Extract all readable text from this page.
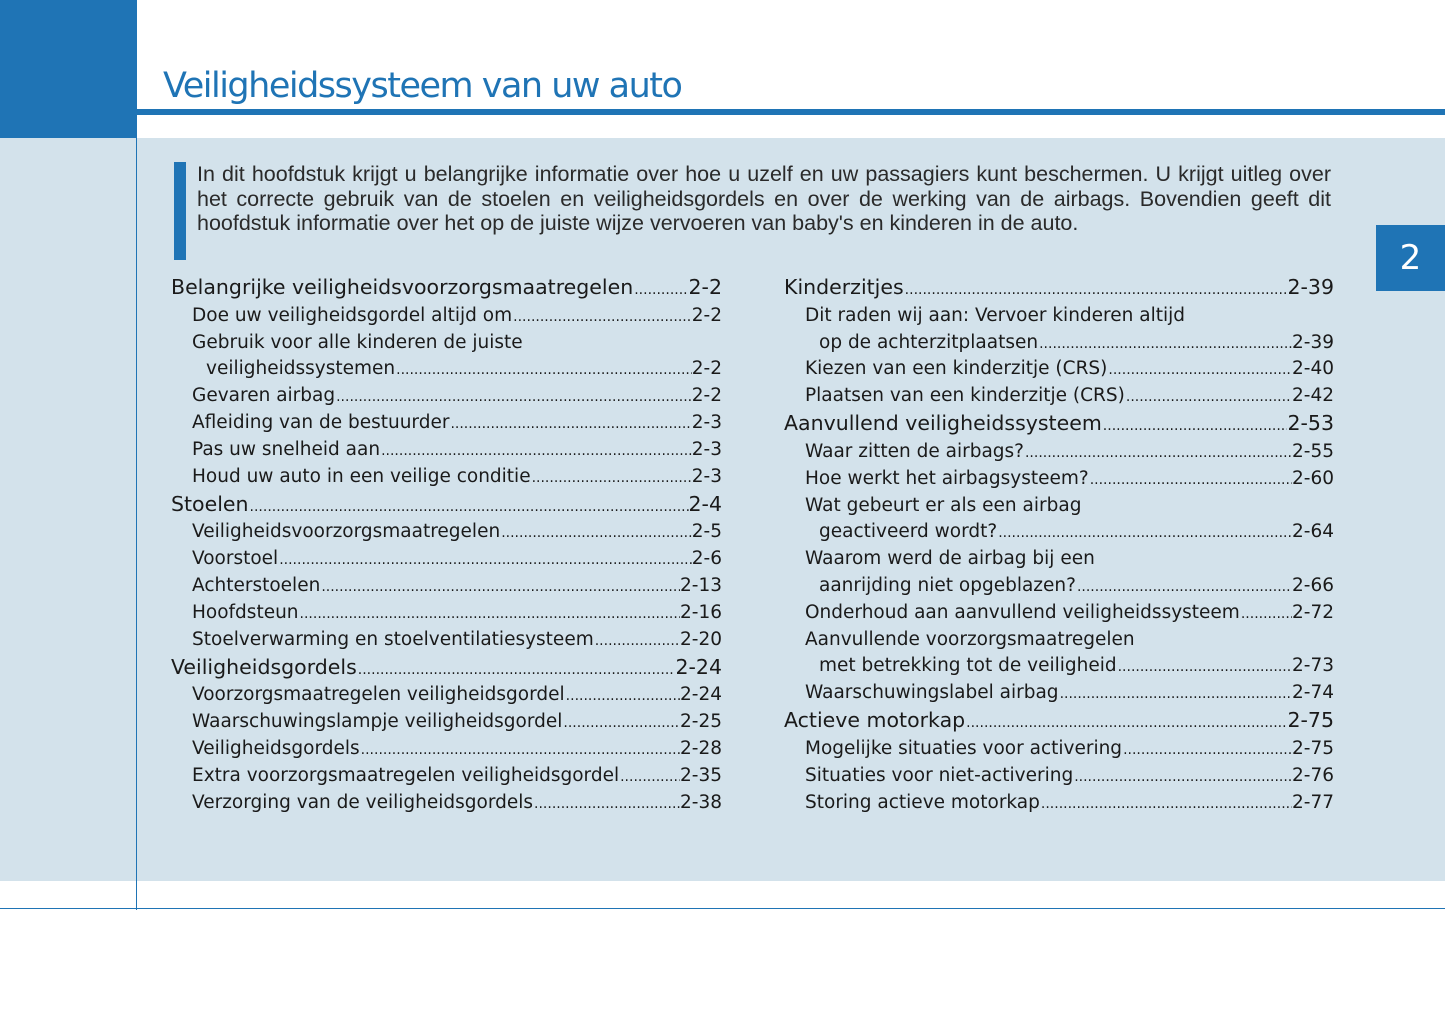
Veiligheidssysteem van uw auto
2

In dit hoofdstuk krijgt u belangrijke informatie over hoe u uzelf en uw passagiers kunt beschermen. U krijgt uitleg over het correcte gebruik van de stoelen en veiligheidsgordels en over de werking van de airbags. Bovendien geeft dit hoofdstuk informatie over het op de juiste wijze vervoeren van baby's en kinderen in de auto.

Belangrijke veiligheidsvoorzorgsmaatregelen .....	2-2
Doe uw veiligheidsgordel altijd om .....	2-2
Gebruik voor alle kinderen de juiste
veiligheidssystemen .....	2-2
Gevaren airbag .....	2-2
Afleiding van de bestuurder .....	2-3
Pas uw snelheid aan .....	2-3
Houd uw auto in een veilige conditie .....	2-3
Stoelen .....	2-4
Veiligheidsvoorzorgsmaatregelen .....	2-5
Voorstoel .....	2-6
Achterstoelen .....	2-13
Hoofdsteun .....	2-16
Stoelverwarming en stoelventilatiesysteem .....	2-20
Veiligheidsgordels .....	2-24
Voorzorgsmaatregelen veiligheidsgordel .....	2-24
Waarschuwingslampje veiligheidsgordel .....	2-25
Veiligheidsgordels .....	2-28
Extra voorzorgsmaatregelen veiligheidsgordel .....	2-35
Verzorging van de veiligheidsgordels .....	2-38
Kinderzitjes .....	2-39
Dit raden wij aan: Vervoer kinderen altijd
op de achterzitplaatsen .....	2-39
Kiezen van een kinderzitje (CRS) .....	2-40
Plaatsen van een kinderzitje (CRS) .....	2-42
Aanvullend veiligheidssysteem .....	2-53
Waar zitten de airbags? .....	2-55
Hoe werkt het airbagsysteem? .....	2-60
Wat gebeurt er als een airbag
geactiveerd wordt? .....	2-64
Waarom werd de airbag bij een
aanrijding niet opgeblazen? .....	2-66
Onderhoud aan aanvullend veiligheidssysteem .....	2-72
Aanvullende voorzorgsmaatregelen
met betrekking tot de veiligheid .....	2-73
Waarschuwingslabel airbag .....	2-74
Actieve motorkap .....	2-75
Mogelijke situaties voor activering .....	2-75
Situaties voor niet-activering .....	2-76
Storing actieve motorkap .....	2-77
